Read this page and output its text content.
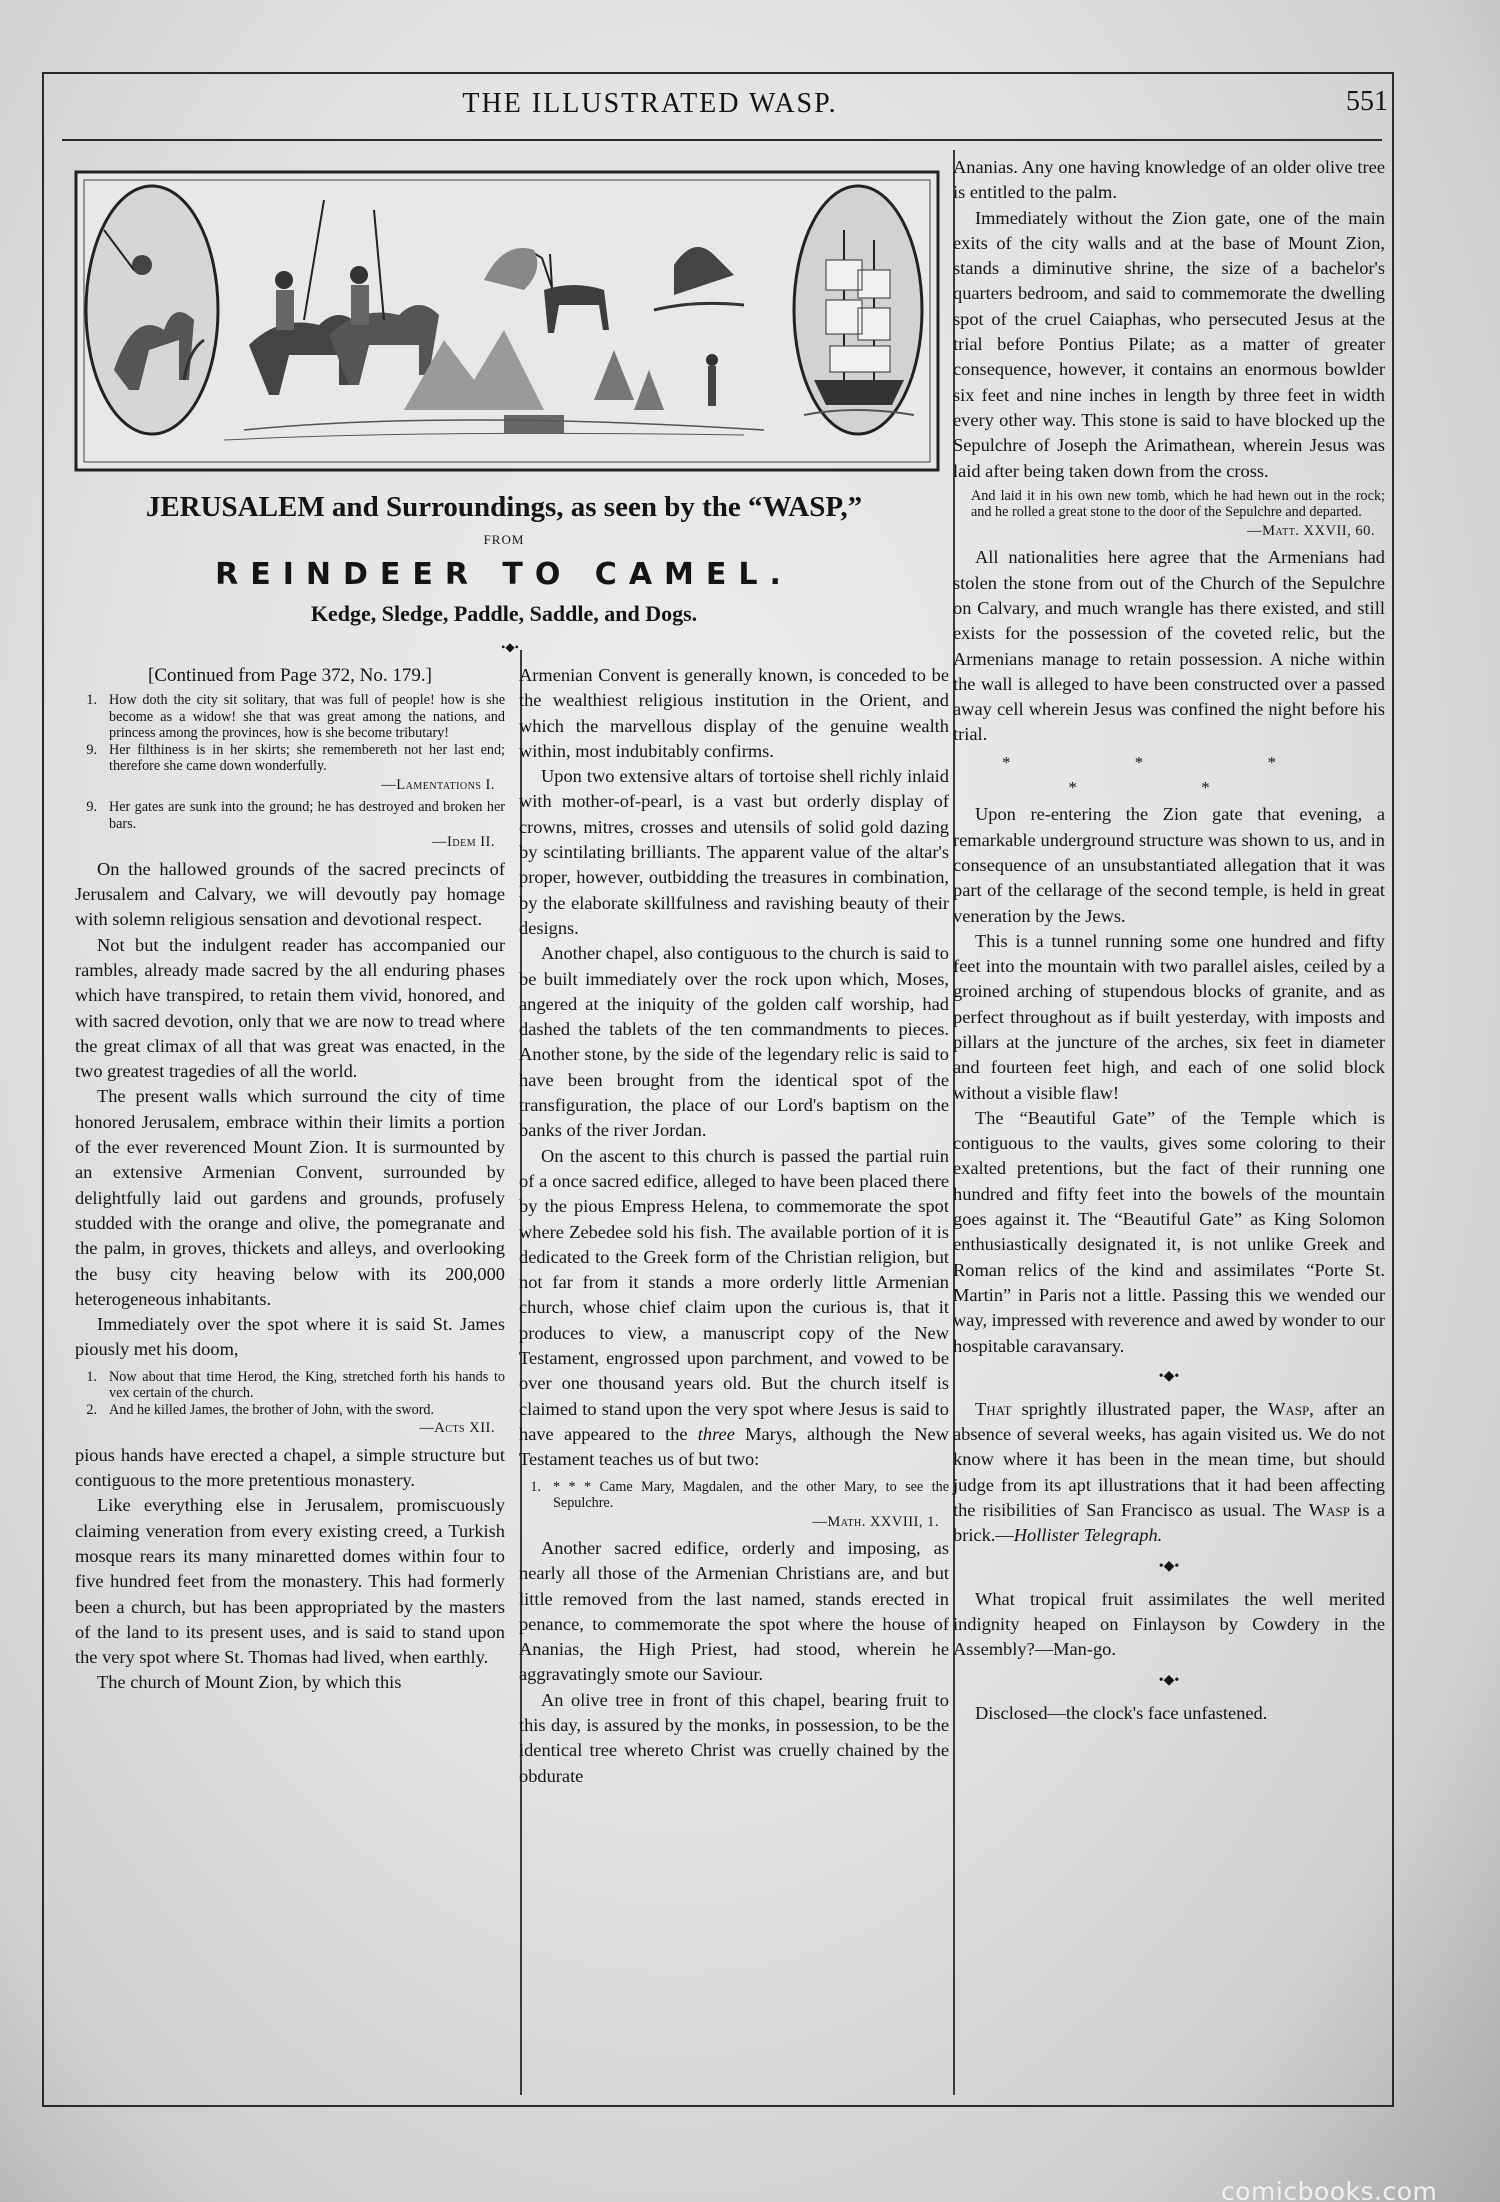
THE ILLUSTRATED WASP.	551
JERUSALEM and Surroundings, as seen by the “WASP,”
FROM
REINDEER TO CAMEL.
Kedge, Sledge, Paddle, Saddle, and Dogs.
•◆•
[Continued from Page 372, No. 179.]
1. How doth the city sit solitary, that was full of people! how is she become as a widow! she that was great among the nations, and princess among the provinces, how is she become tributary!
9. Her filthiness is in her skirts; she remembereth not her last end; therefore she came down wonderfully.
—Lamentations I.
9. Her gates are sunk into the ground; he has destroyed and broken her bars.
—Idem II.

On the hallowed grounds of the sacred precincts of Jerusalem and Calvary, we will devoutly pay homage with solemn religious sensation and devotional respect.

Not but the indulgent reader has accompanied our rambles, already made sacred by the all enduring phases which have transpired, to retain them vivid, honored, and with sacred devotion, only that we are now to tread where the great climax of all that was great was enacted, in the two greatest tragedies of all the world.

The present walls which surround the city of time honored Jerusalem, embrace within their limits a portion of the ever reverenced Mount Zion. It is surmounted by an extensive Armenian Convent, surrounded by delightfully laid out gardens and grounds, profusely studded with the orange and olive, the pomegranate and the palm, in groves, thickets and alleys, and overlooking the busy city heaving below with its 200,000 heterogeneous inhabitants.

Immediately over the spot where it is said St. James piously met his doom,

1. Now about that time Herod, the King, stretched forth his hands to vex certain of the church.
2. And he killed James, the brother of John, with the sword.
—Acts XII.

pious hands have erected a chapel, a simple structure but contiguous to the more pretentious monastery.

Like everything else in Jerusalem, promiscuously claiming veneration from every existing creed, a Turkish mosque rears its many minaretted domes within four to five hundred feet from the monastery. This had formerly been a church, but has been appropriated by the masters of the land to its present uses, and is said to stand upon the very spot where St. Thomas had lived, when earthly.

The church of Mount Zion, by which this

Armenian Convent is generally known, is conceded to be the wealthiest religious institution in the Orient, and which the marvellous display of the genuine wealth within, most indubitably confirms.

Upon two extensive altars of tortoise shell richly inlaid with mother-of-pearl, is a vast but orderly display of crowns, mitres, crosses and utensils of solid gold dazing by scintilating brilliants. The apparent value of the altar's proper, however, outbidding the treasures in combination, by the elaborate skillfulness and ravishing beauty of their designs.

Another chapel, also contiguous to the church is said to be built immediately over the rock upon which, Moses, angered at the iniquity of the golden calf worship, had dashed the tablets of the ten commandments to pieces. Another stone, by the side of the legendary relic is said to have been brought from the identical spot of the transfiguration, the place of our Lord's baptism on the banks of the river Jordan.

On the ascent to this church is passed the partial ruin of a once sacred edifice, alleged to have been placed there by the pious Empress Helena, to commemorate the spot where Zebedee sold his fish. The available portion of it is dedicated to the Greek form of the Christian religion, but not far from it stands a more orderly little Armenian church, whose chief claim upon the curious is, that it produces to view, a manuscript copy of the New Testament, engrossed upon parchment, and vowed to be over one thousand years old. But the church itself is claimed to stand upon the very spot where Jesus is said to have appeared to the three Marys, although the New Testament teaches us of but two:

1. * * * Came Mary, Magdalen, and the other Mary, to see the Sepulchre.
—Math. XXVIII, 1.

Another sacred edifice, orderly and imposing, as nearly all those of the Armenian Christians are, and but little removed from the last named, stands erected in penance, to commemorate the spot where the house of Ananias, the High Priest, had stood, wherein he aggravatingly smote our Saviour.

An olive tree in front of this chapel, bearing fruit to this day, is assured by the monks, in possession, to be the identical tree whereto Christ was cruelly chained by the obdurate

Ananias. Any one having knowledge of an older olive tree is entitled to the palm.

Immediately without the Zion gate, one of the main exits of the city walls and at the base of Mount Zion, stands a diminutive shrine, the size of a bachelor's quarters bedroom, and said to commemorate the dwelling spot of the cruel Caiaphas, who persecuted Jesus at the trial before Pontius Pilate; as a matter of greater consequence, however, it contains an enormous bowlder six feet and nine inches in length by three feet in width every other way. This stone is said to have blocked up the Sepulchre of Joseph the Arimathean, wherein Jesus was laid after being taken down from the cross.

And laid it in his own new tomb, which he had hewn out in the rock; and he rolled a great stone to the door of the Sepulchre and departed.
—Matt. XXVII, 60.

All nationalities here agree that the Armenians had stolen the stone from out of the Church of the Sepulchre on Calvary, and much wrangle has there existed, and still exists for the possession of the coveted relic, but the Armenians manage to retain possession. A niche within the wall is alleged to have been constructed over a passed away cell wherein Jesus was confined the night before his trial.

* * * * *

Upon re-entering the Zion gate that evening, a remarkable underground structure was shown to us, and in consequence of an unsubstantiated allegation that it was part of the cellarage of the second temple, is held in great veneration by the Jews.

This is a tunnel running some one hundred and fifty feet into the mountain with two parallel aisles, ceiled by a groined arching of stupendous blocks of granite, and as perfect throughout as if built yesterday, with imposts and pillars at the juncture of the arches, six feet in diameter and fourteen feet high, and each of one solid block without a visible flaw!

The “Beautiful Gate” of the Temple which is contiguous to the vaults, gives some coloring to their exalted pretentions, but the fact of their running one hundred and fifty feet into the bowels of the mountain goes against it. The “Beautiful Gate” as King Solomon enthusiastically designated it, is not unlike Greek and Roman relics of the kind and assimilates “Porte St. Martin” in Paris not a little. Passing this we wended our way, impressed with reverence and awed by wonder to our hospitable caravansary.

•◆•

That sprightly illustrated paper, the Wasp, after an absence of several weeks, has again visited us. We do not know where it has been in the mean time, but should judge from its apt illustrations that it had been affecting the risibilities of San Francisco as usual. The Wasp is a brick.—Hollister Telegraph.

•◆•

What tropical fruit assimilates the well merited indignity heaped on Finlayson by Cowdery in the Assembly?—Man-go.

•◆•

Disclosed—the clock's face unfastened.

comicbooks.com
